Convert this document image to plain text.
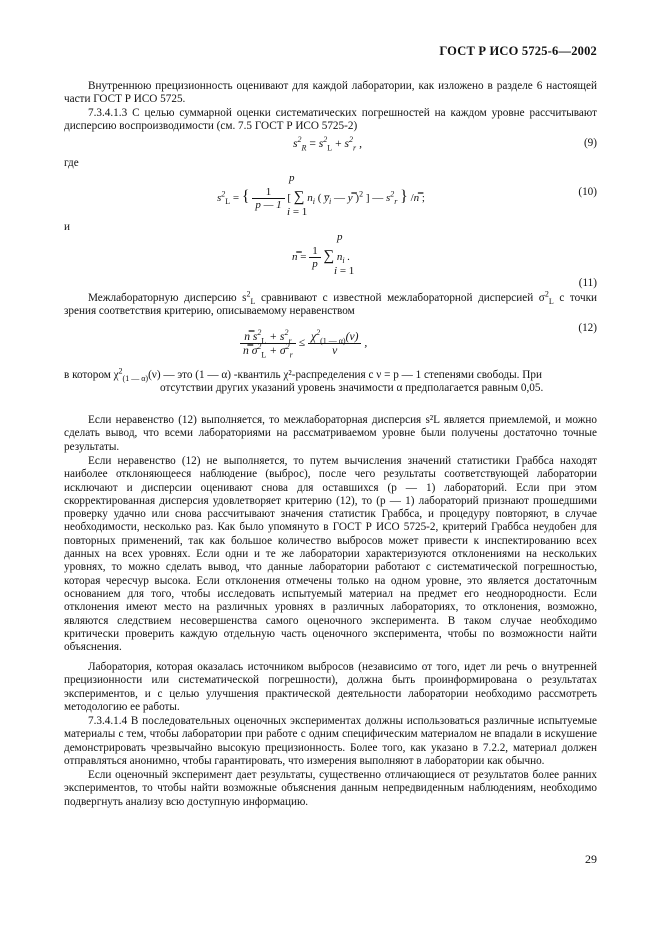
ГОСТ Р ИСО 5725-6—2002

Внутреннюю прецизионность оценивают для каждой лаборатории, как изложено в разделе 6 настоящей части ГОСТ Р ИСО 5725.

7.3.4.1.3 С целью суммарной оценки систематических погрешностей на каждом уровне рассчитывают дисперсию воспроизводимости (см. 7.5 ГОСТ Р ИСО 5725-2)

$s^2_R = s^2_L + s^2_r$ ,	(9)
где
p
$s^2_L$ = { $\frac{1}{p — 1}$ [ ∑ $n_i$ ( $y̅_i$ — y̿ )$^2$ ] — $s^2_r$ } /n̿ ;
i = 1
(10)
и
p
n̿ = $\frac{1}{p}$ ∑ $n_i$ .
i = 1
(11)

Межлабораторную дисперсию $s^2_L$ сравнивают с известной межлабораторной дисперсией $\sigma^2_L$ с точки зрения соответствия критерию, описываемому неравенством

$\frac{n̿ s^2_L + s^2_r}{n̿ \sigma^2_L + \sigma^2_r} \le \frac{\chi^2_{(1 — \alpha)}(\nu)}{\nu}$ ,
(12)
в котором $\chi^2_{(1 — \alpha)}(\nu)$ — это (1 — α) -квантиль χ²-распределения с ν = p — 1 степенями свободы. При
отсутствии других указаний уровень значимости α предполагается равным 0,05.

Если неравенство (12) выполняется, то межлабораторная дисперсия s²L является приемлемой, и можно сделать вывод, что всеми лабораториями на рассматриваемом уровне были получены достаточно точные результаты.

Если неравенство (12) не выполняется, то путем вычисления значений статистики Граббса находят наиболее отклоняющееся наблюдение (выброс), после чего результаты соответствующей лаборатории исключают и дисперсии оценивают снова для оставшихся (p — 1) лабораторий. Если при этом скорректированная дисперсия удовлетворяет критерию (12), то (p — 1) лабораторий признают прошедшими проверку удачно или снова рассчитывают значения статистик Граббса, и процедуру повторяют, в случае необходимости, несколько раз. Как было упомянуто в ГОСТ Р ИСО 5725-2, критерий Граббса неудобен для повторных применений, так как большое количество выбросов может привести к инспектированию всех данных на всех уровнях. Если одни и те же лаборатории характеризуются отклонениями на нескольких уровнях, то можно сделать вывод, что данные лаборатории работают с систематической погрешностью, которая чересчур высока. Если отклонения отмечены только на одном уровне, это является достаточным основанием для того, чтобы исследовать испытуемый материал на предмет его неоднородности. Если отклонения имеют место на различных уровнях в различных лабораториях, то отклонения, возможно, являются следствием несовершенства самого оценочного эксперимента. В таком случае необходимо критически проверить каждую отдельную часть оценочного эксперимента, чтобы по возможности найти объяснения.

Лаборатория, которая оказалась источником выбросов (независимо от того, идет ли речь о внутренней прецизионности или систематической погрешности), должна быть проинформирована о результатах экспериментов, и с целью улучшения практической деятельности лаборатории необходимо рассмотреть методологию ее работы.

7.3.4.1.4 В последовательных оценочных экспериментах должны использоваться различные испытуемые материалы с тем, чтобы лаборатории при работе с одним специфическим материалом не впадали в искушение демонстрировать чрезвычайно высокую прецизионность. Более того, как указано в 7.2.2, материал должен отправляться анонимно, чтобы гарантировать, что измерения выполняют в лаборатории как обычно.

Если оценочный эксперимент дает результаты, существенно отличающиеся от результатов более ранних экспериментов, то чтобы найти возможные объяснения данным непредвиденным наблюдениям, необходимо подвергнуть анализу всю доступную информацию.

29
